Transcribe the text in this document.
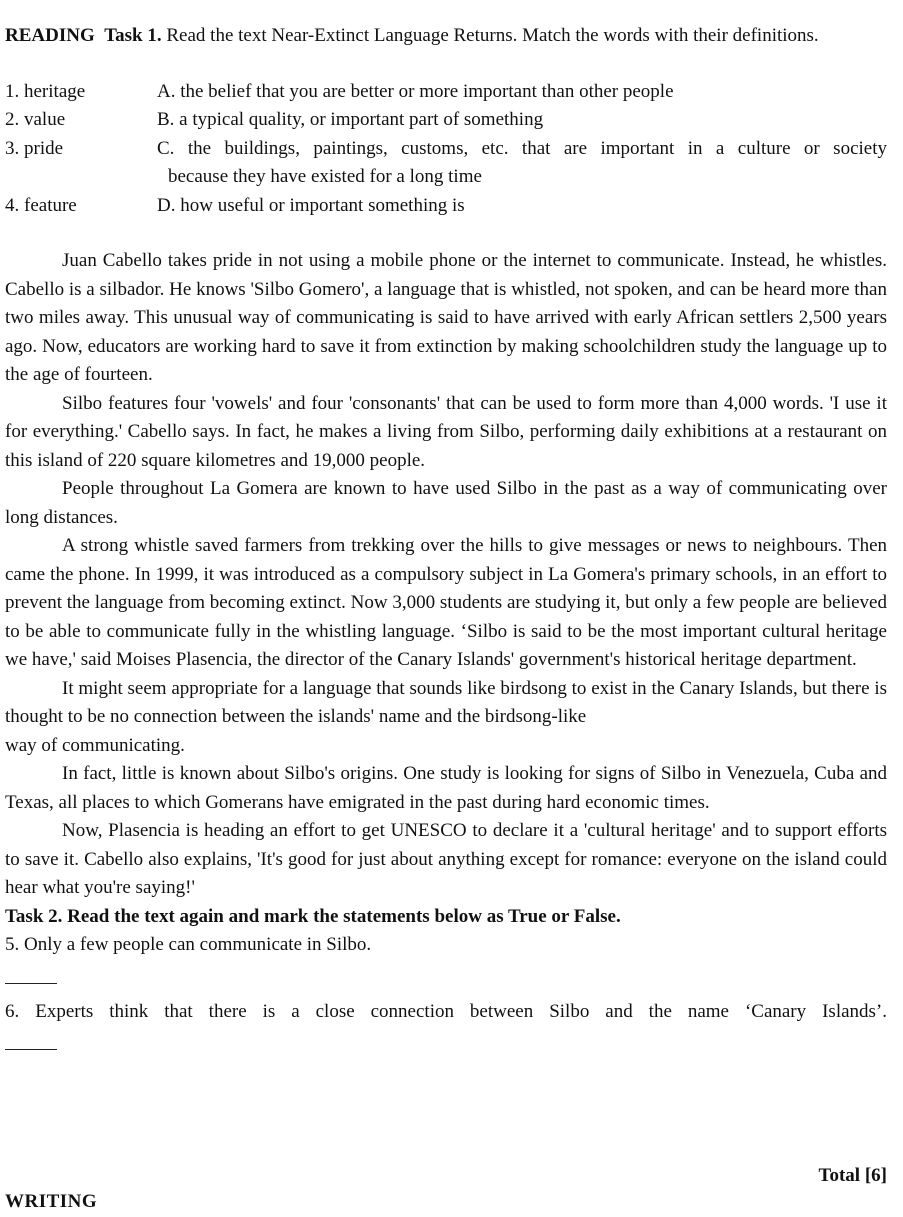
READING Task 1. Read the text Near-Extinct Language Returns. Match the words with their definitions.

1. heritage	A. the belief that you are better or more important than other people
2. value	B. a typical quality, or important part of something
3. pride	C. the buildings, paintings, customs, etc. that are important in a culture or society
because they have existed for a long time
4. feature	D. how useful or important something is

Juan Cabello takes pride in not using a mobile phone or the internet to communicate. Instead, he whistles. Cabello is a silbador. He knows 'Silbo Gomero', a language that is whistled, not spoken, and can be heard more than two miles away. This unusual way of communicating is said to have arrived with early African settlers 2,500 years ago. Now, educators are working hard to save it from extinction by making schoolchildren study the language up to the age of fourteen.

Silbo features four 'vowels' and four 'consonants' that can be used to form more than 4,000 words. 'I use it for everything.' Cabello says. In fact, he makes a living from Silbo, performing daily exhibitions at a restaurant on this island of 220 square kilometres and 19,000 people.

People throughout La Gomera are known to have used Silbo in the past as a way of communicating over long distances.

A strong whistle saved farmers from trekking over the hills to give messages or news to neighbours. Then came the phone. In 1999, it was introduced as a compulsory subject in La Gomera's primary schools, in an effort to prevent the language from becoming extinct. Now 3,000 students are studying it, but only a few people are believed to be able to communicate fully in the whistling language. ‘Silbo is said to be the most important cultural heritage we have,' said Moises Plasencia, the director of the Canary Islands' government's historical heritage department.

It might seem appropriate for a language that sounds like birdsong to exist in the Canary Islands, but there is thought to be no connection between the islands' name and the birdsong-like

way of communicating.

In fact, little is known about Silbo's origins. One study is looking for signs of Silbo in Venezuela, Cuba and Texas, all places to which Gomerans have emigrated in the past during hard economic times.

Now, Plasencia is heading an effort to get UNESCO to declare it a 'cultural heritage' and to support efforts to save it. Cabello also explains, 'It's good for just about anything except for romance: everyone on the island could hear what you're saying!'

Task 2. Read the text again and mark the statements below as True or False.

5. Only a few people can communicate in Silbo.

6. Experts think that there is a close connection between Silbo and the name ‘Canary Islands’.

Total [6]
WRITING
